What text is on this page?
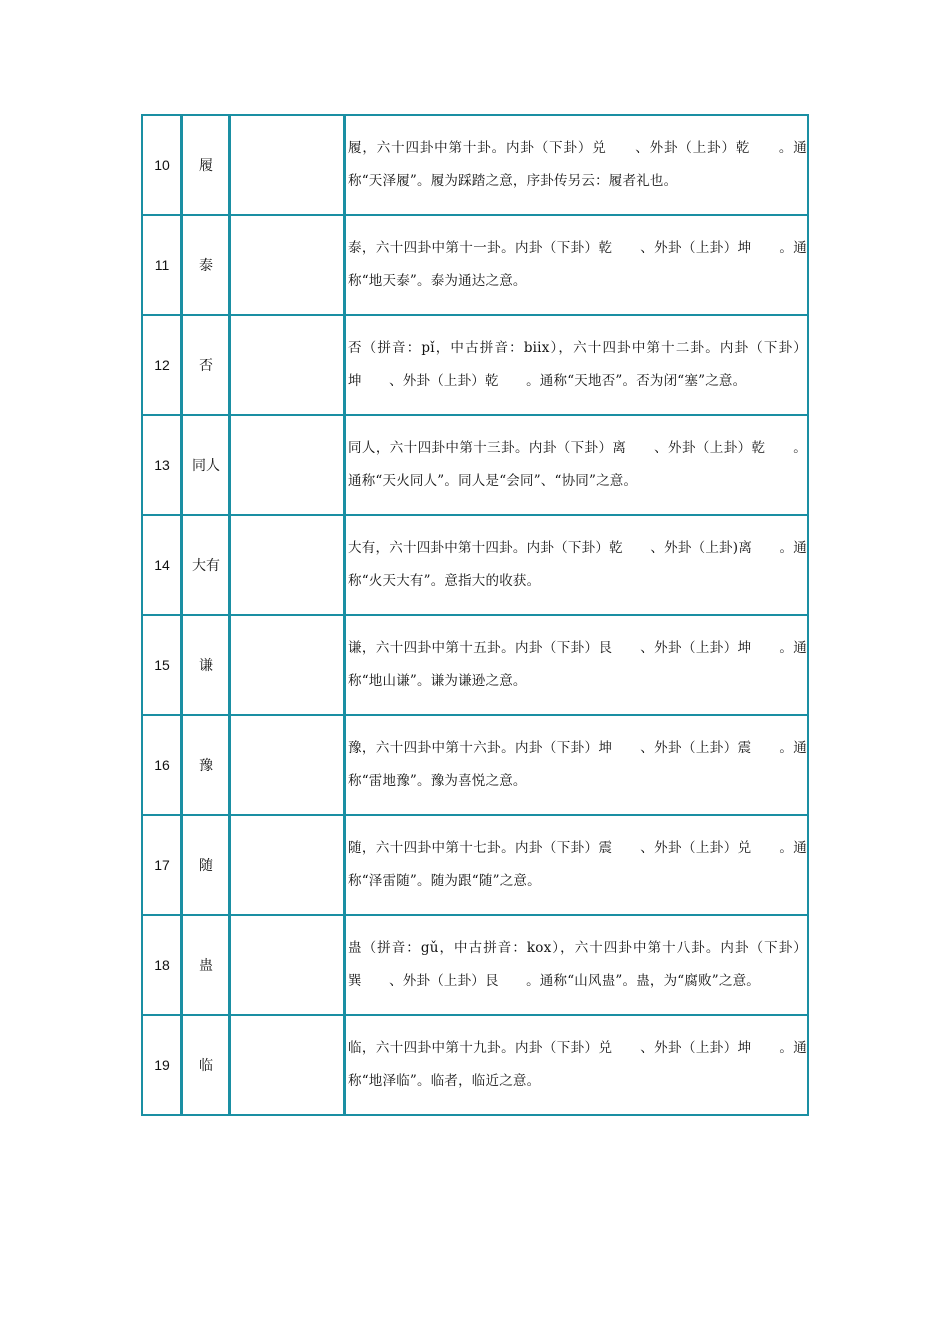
10	履		履，六十四卦中第十卦。内卦（下卦）兑　　、外卦（上卦）乾　　。通称“天泽履”。履为踩踏之意，序卦传另云：履者礼也。
11	泰		泰，六十四卦中第十一卦。内卦（下卦）乾　　、外卦（上卦）坤　　。通称“地天泰”。泰为通达之意。
12	否		否（拼音：pǐ，中古拼音：biix），六十四卦中第十二卦。内卦（下卦）坤　　、外卦（上卦）乾　　。通称“天地否”。否为闭“塞”之意。
13	同人		同人，六十四卦中第十三卦。内卦（下卦）离　　、外卦（上卦）乾　　。通称“天火同人”。同人是“会同”、“协同”之意。
14	大有		大有，六十四卦中第十四卦。内卦（下卦）乾　　、外卦（上卦)离　　。通称“火天大有”。意指大的收获。
15	谦		谦，六十四卦中第十五卦。内卦（下卦）艮　　、外卦（上卦）坤　　。通称“地山谦”。谦为谦逊之意。
16	豫		豫，六十四卦中第十六卦。内卦（下卦）坤　　、外卦（上卦）震　　。通称“雷地豫”。豫为喜悦之意。
17	随		随，六十四卦中第十七卦。内卦（下卦）震　　、外卦（上卦）兑　　。通称“泽雷随”。随为跟“随”之意。
18	蛊		蛊（拼音：gǔ，中古拼音：kox），六十四卦中第十八卦。内卦（下卦）巽　　、外卦（上卦）艮　　。通称“山风蛊”。蛊，为“腐败”之意。
19	临		临，六十四卦中第十九卦。内卦（下卦）兑　　、外卦（上卦）坤　　。通称“地泽临”。临者，临近之意。
